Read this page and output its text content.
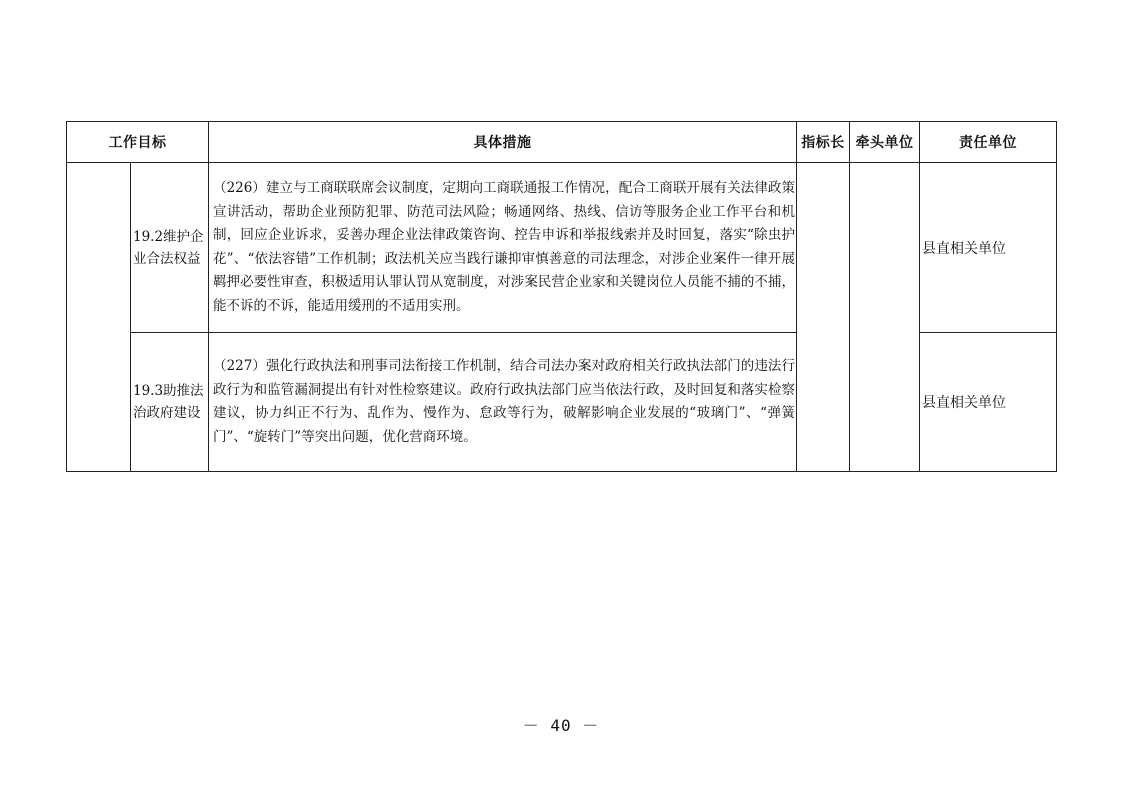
工作目标		具体措施	指标长	牵头单位	责任单位
	19.2维护企业合法权益	（226）建立与工商联联席会议制度，定期向工商联通报工作情况，配合工商联开展有关法律政策宣讲活动，帮助企业预防犯罪、防范司法风险；畅通网络、热线、信访等服务企业工作平台和机制，回应企业诉求，妥善办理企业法律政策咨询、控告申诉和举报线索并及时回复，落实“除虫护花”、“依法容错”工作机制；政法机关应当践行谦抑审慎善意的司法理念，对涉企业案件一律开展羁押必要性审查，积极适用认罪认罚从宽制度，对涉案民营企业家和关键岗位人员能不捕的不捕，能不诉的不诉，能适用缓刑的不适用实刑。			县直相关单位
	19.3助推法治政府建设	（227）强化行政执法和刑事司法衔接工作机制，结合司法办案对政府相关行政执法部门的违法行政行为和监管漏洞提出有针对性检察建议。政府行政执法部门应当依法行政，及时回复和落实检察建议，协力纠正不行为、乱作为、慢作为、怠政等行为，破解影响企业发展的“玻璃门”、“弹簧门”、“旋转门”等突出问题，优化营商环境。			县直相关单位
－ 40 －
